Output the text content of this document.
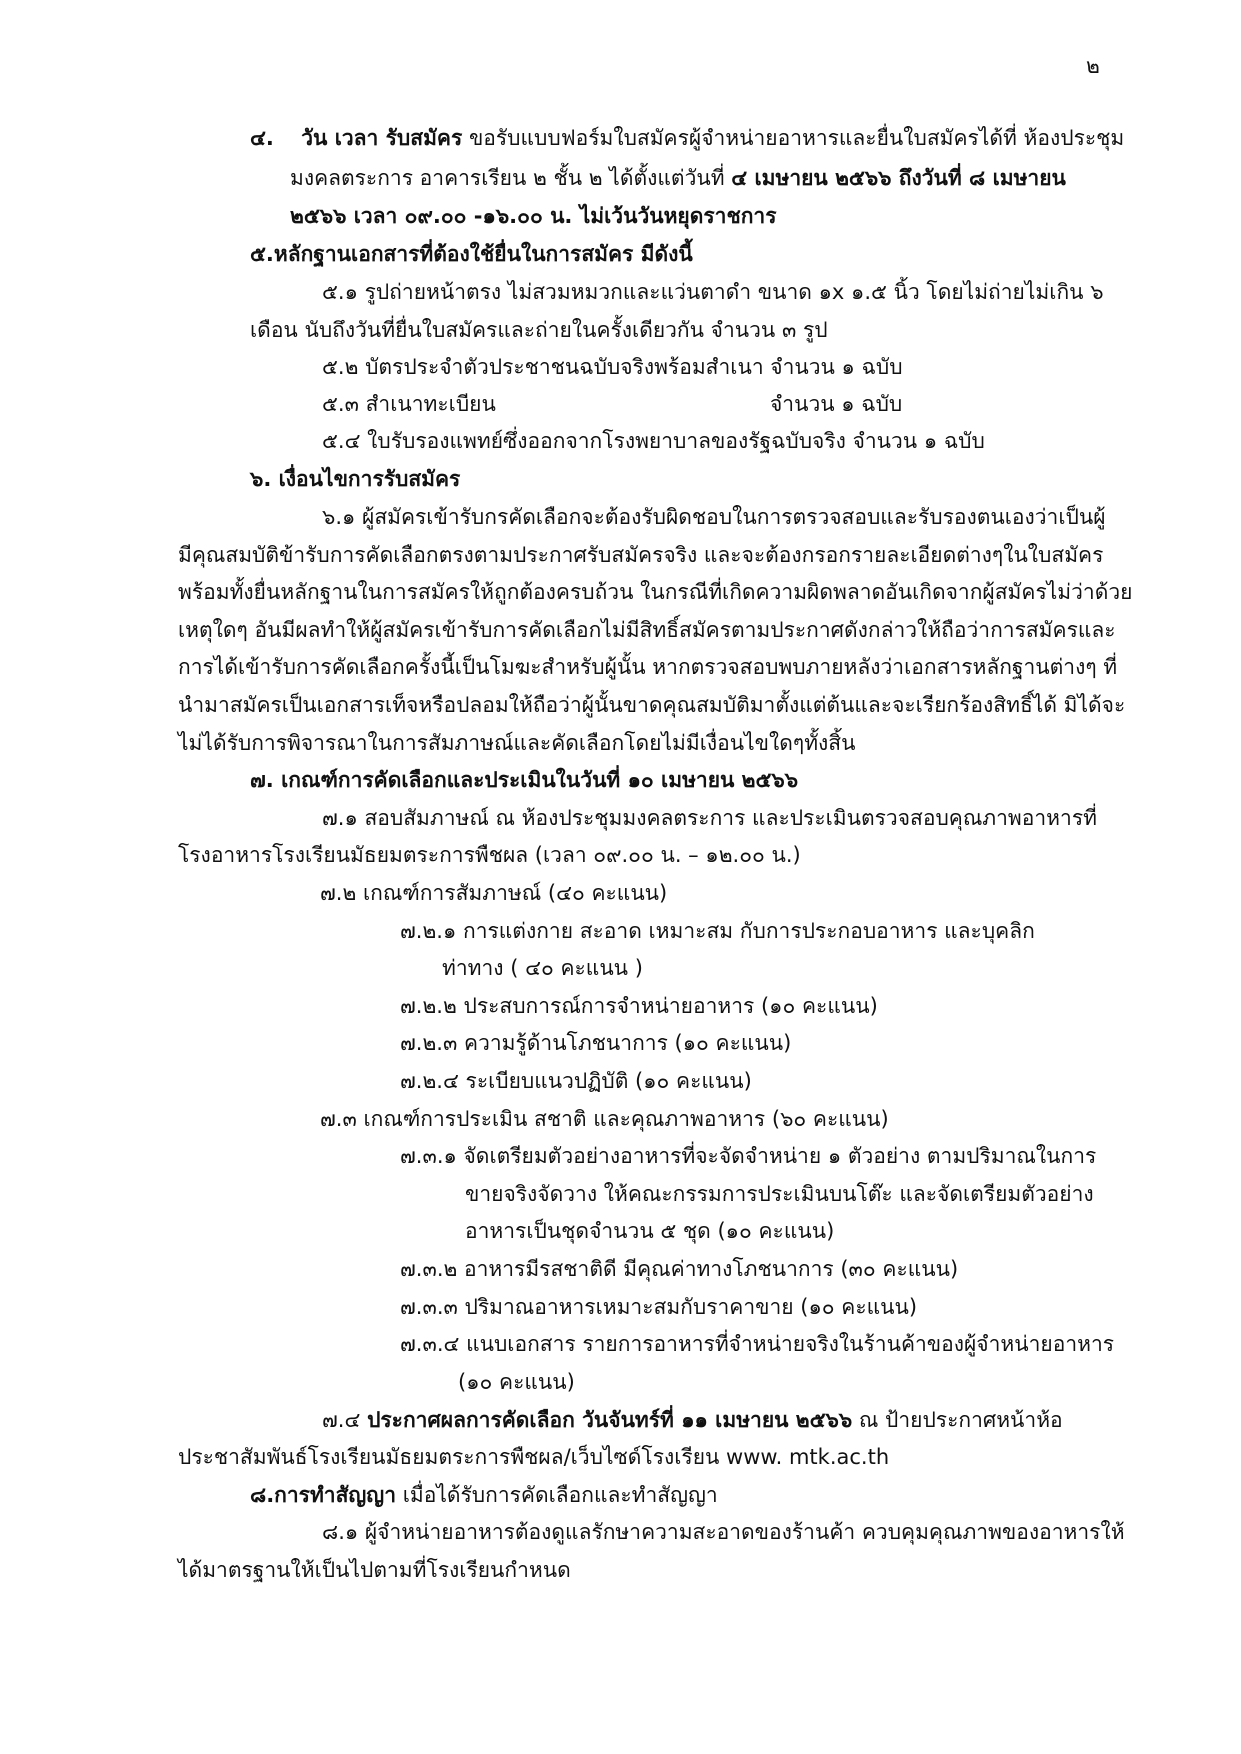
๒
๔. วัน เวลา รับสมัคร ขอรับแบบฟอร์มใบสมัครผู้จำหน่ายอาหารและยื่นใบสมัครได้ที่ ห้องประชุม
มงคลตระการ อาคารเรียน ๒ ชั้น ๒ ได้ตั้งแต่วันที่ ๔ เมษายน ๒๕๖๖ ถึงวันที่ ๘ เมษายน
๒๕๖๖ เวลา ๐๙.๐๐ -๑๖.๐๐ น. ไม่เว้นวันหยุดราชการ
๕.หลักฐานเอกสารที่ต้องใช้ยื่นในการสมัคร มีดังนี้
๕.๑ รูปถ่ายหน้าตรง ไม่สวมหมวกและแว่นตาดำ ขนาด ๑x ๑.๕ นิ้ว โดยไม่ถ่ายไม่เกิน ๖
เดือน นับถึงวันที่ยื่นใบสมัครและถ่ายในครั้งเดียวกัน จำนวน ๓ รูป
๕.๒ บัตรประจำตัวประชาชนฉบับจริงพร้อมสำเนา จำนวน ๑ ฉบับ
๕.๓ สำเนาทะเบียน	จำนวน ๑ ฉบับ
๕.๔ ใบรับรองแพทย์ซึ่งออกจากโรงพยาบาลของรัฐฉบับจริง จำนวน ๑ ฉบับ
๖. เงื่อนไขการรับสมัคร
๖.๑ ผู้สมัครเข้ารับกรคัดเลือกจะต้องรับผิดชอบในการตรวจสอบและรับรองตนเองว่าเป็นผู้
มีคุณสมบัติข้ารับการคัดเลือกตรงตามประกาศรับสมัครจริง และจะต้องกรอกรายละเอียดต่างๆในใบสมัคร
พร้อมทั้งยื่นหลักฐานในการสมัครให้ถูกต้องครบถ้วน ในกรณีที่เกิดความผิดพลาดอันเกิดจากผู้สมัครไม่ว่าด้วย
เหตุใดๆ อันมีผลทำให้ผู้สมัครเข้ารับการคัดเลือกไม่มีสิทธิ์สมัครตามประกาศดังกล่าวให้ถือว่าการสมัครและ
การได้เข้ารับการคัดเลือกครั้งนี้เป็นโมฆะสำหรับผู้นั้น หากตรวจสอบพบภายหลังว่าเอกสารหลักฐานต่างๆ ที่
นำมาสมัครเป็นเอกสารเท็จหรือปลอมให้ถือว่าผู้นั้นขาดคุณสมบัติมาตั้งแต่ต้นและจะเรียกร้องสิทธิ์ได้ มิได้จะ
ไม่ได้รับการพิจารณาในการสัมภาษณ์และคัดเลือกโดยไม่มีเงื่อนไขใดๆทั้งสิ้น
๗. เกณฑ์การคัดเลือกและประเมินในวันที่ ๑๐ เมษายน ๒๕๖๖
๗.๑ สอบสัมภาษณ์ ณ ห้องประชุมมงคลตระการ และประเมินตรวจสอบคุณภาพอาหารที่
โรงอาหารโรงเรียนมัธยมตระการพืชผล (เวลา ๐๙.๐๐ น. – ๑๒.๐๐ น.)
๗.๒ เกณฑ์การสัมภาษณ์ (๔๐ คะแนน)
๗.๒.๑ การแต่งกาย สะอาด เหมาะสม กับการประกอบอาหาร และบุคลิก
ท่าทาง ( ๔๐ คะแนน )
๗.๒.๒ ประสบการณ์การจำหน่ายอาหาร (๑๐ คะแนน)
๗.๒.๓ ความรู้ด้านโภชนาการ (๑๐ คะแนน)
๗.๒.๔ ระเบียบแนวปฏิบัติ (๑๐ คะแนน)
๗.๓ เกณฑ์การประเมิน สชาติ และคุณภาพอาหาร (๖๐ คะแนน)
๗.๓.๑ จัดเตรียมตัวอย่างอาหารที่จะจัดจำหน่าย ๑ ตัวอย่าง ตามปริมาณในการ
ขายจริงจัดวาง ให้คณะกรรมการประเมินบนโต๊ะ และจัดเตรียมตัวอย่าง
อาหารเป็นชุดจำนวน ๕ ชุด (๑๐ คะแนน)
๗.๓.๒ อาหารมีรสชาติดี มีคุณค่าทางโภชนาการ (๓๐ คะแนน)
๗.๓.๓ ปริมาณอาหารเหมาะสมกับราคาขาย (๑๐ คะแนน)
๗.๓.๔ แนบเอกสาร รายการอาหารที่จำหน่ายจริงในร้านค้าของผู้จำหน่ายอาหาร
(๑๐ คะแนน)
๗.๔ ประกาศผลการคัดเลือก วันจันทร์ที่ ๑๑ เมษายน ๒๕๖๖ ณ ป้ายประกาศหน้าห้อ
ประชาสัมพันธ์โรงเรียนมัธยมตระการพืชผล/เว็บไซด์โรงเรียน www. mtk.ac.th
๘.การทำสัญญา เมื่อได้รับการคัดเลือกและทำสัญญา
๘.๑ ผู้จำหน่ายอาหารต้องดูแลรักษาความสะอาดของร้านค้า ควบคุมคุณภาพของอาหารให้
ได้มาตรฐานให้เป็นไปตามที่โรงเรียนกำหนด
